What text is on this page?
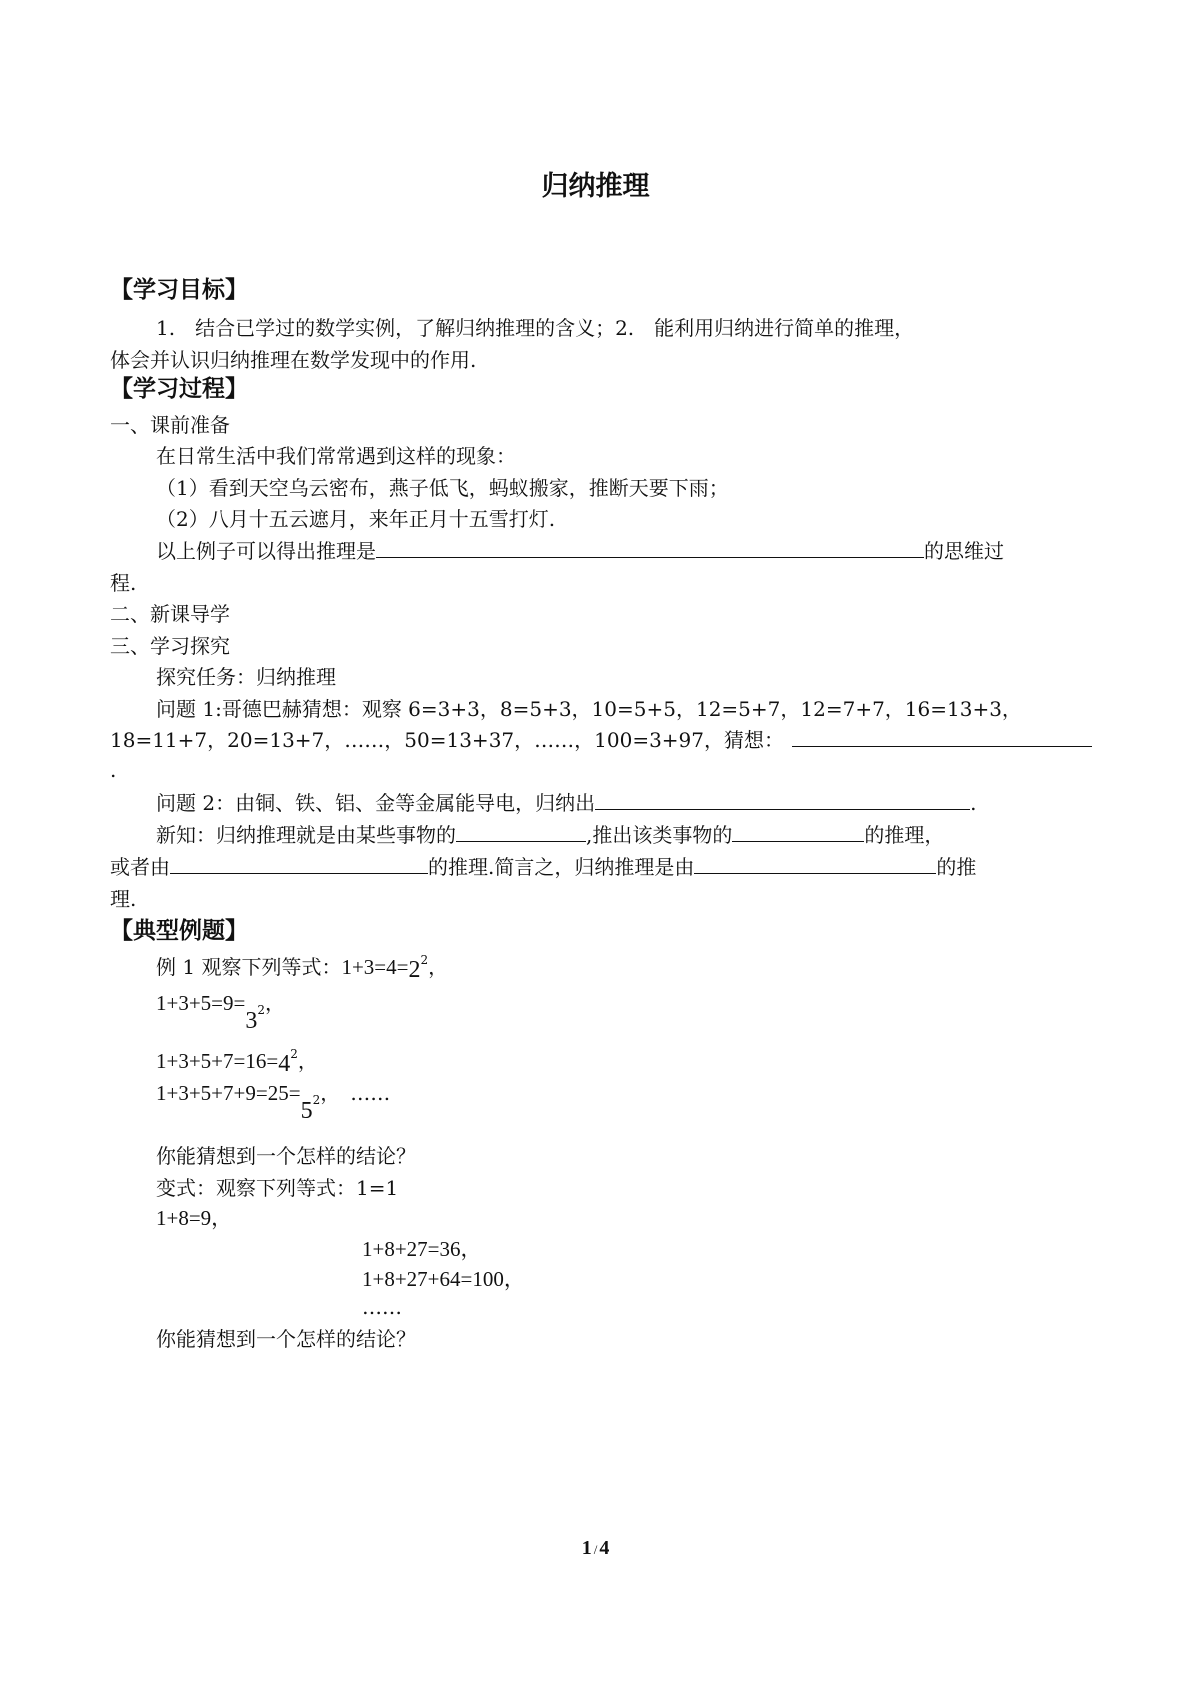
归纳推理
【学习目标】
1.　结合已学过的数学实例，了解归纳推理的含义；2.　能利用归纳进行简单的推理，
体会并认识归纳推理在数学发现中的作用.
【学习过程】
一、课前准备
在日常生活中我们常常遇到这样的现象：
（1）看到天空乌云密布，燕子低飞，蚂蚁搬家，推断天要下雨；
（2）八月十五云遮月，来年正月十五雪打灯.
以上例子可以得出推理是	的思维过
程.
二、新课导学
三、学习探究
探究任务：归纳推理
问题 1:哥德巴赫猜想：观察 6=3+3，8=5+3，10=5+5，12=5+7，12=7+7，16=13+3，
18=11+7，20=13+7，……，50=13+37，……，100=3+97，猜想：
.
问题 2：由铜、铁、铝、金等金属能导电，归纳出	.
新知：归纳推理就是由某些事物的	,推出该类事物的	的推理，
或者由	的推理.简言之，归纳推理是由	的推
理.
【典型例题】
例 1 观察下列等式：$1+3=4=2^2$，
$1+3+5=9=3_2$，
$1+3+5+7=16=4^2$，
$1+3+5+7+9=25=5_2$，　……
你能猜想到一个怎样的结论？
变式：观察下列等式：1=1
1+8=9，
1+8+27=36，
1+8+27+64=100，
……
你能猜想到一个怎样的结论？
1 / 4
